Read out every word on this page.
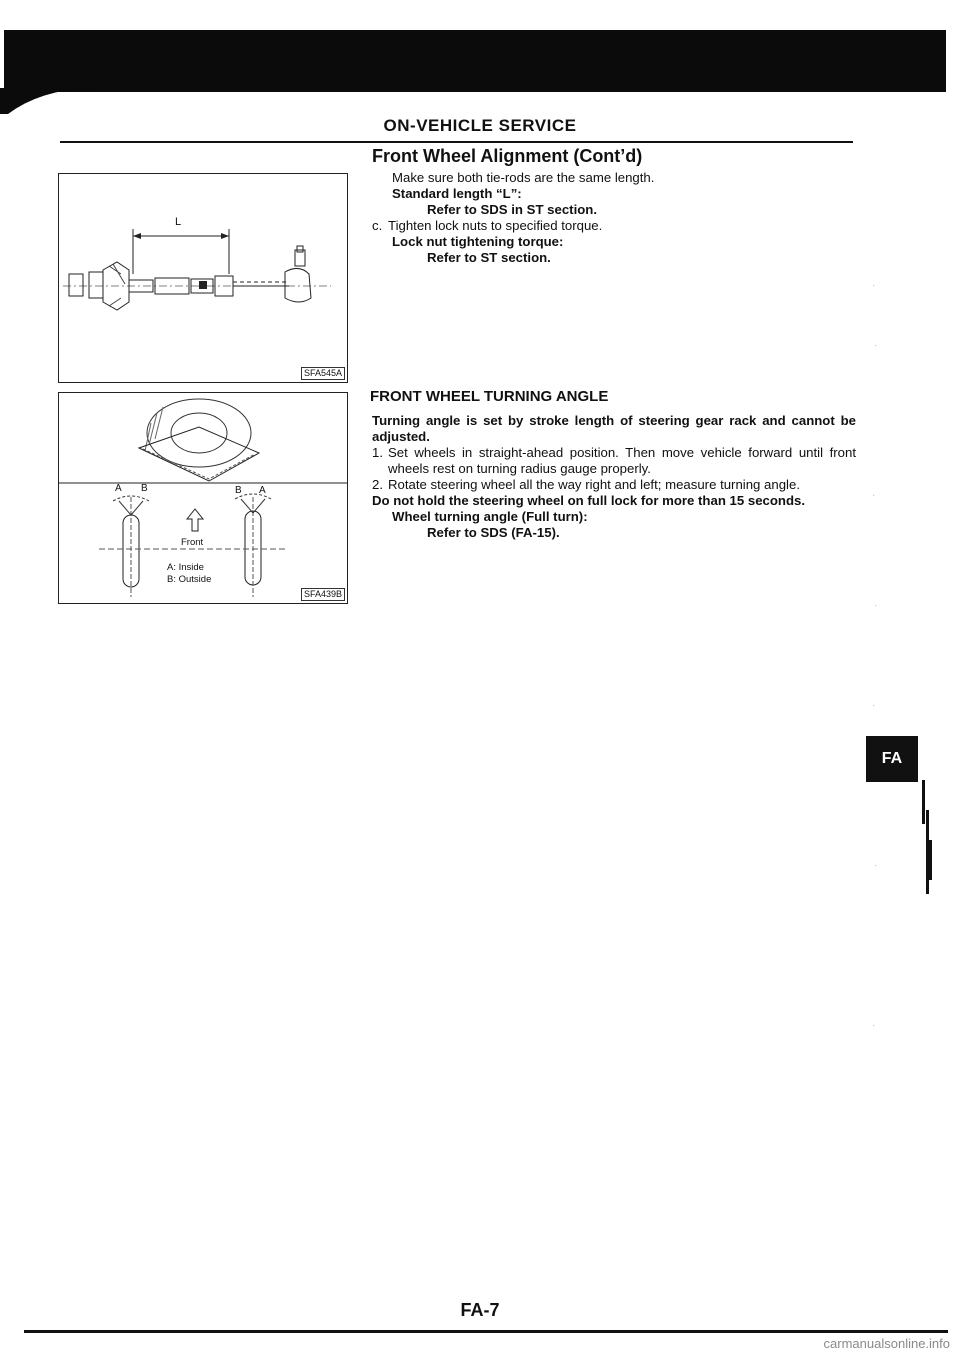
ON-VEHICLE SERVICE
Front Wheel Alignment (Cont’d)
Make sure both tie-rods are the same length.
Standard length “L”:
Refer to SDS in ST section.
c. Tighten lock nuts to specified torque.
Lock nut tightening torque:
Refer to ST section.
L
SFA545A
A B	B A
Front
A: Inside
B: Outside
SFA439B
FRONT WHEEL TURNING ANGLE
Turning angle is set by stroke length of steering gear rack and cannot be adjusted.
1. Set wheels in straight-ahead position. Then move vehicle forward until front wheels rest on turning radius gauge properly.
2. Rotate steering wheel all the way right and left; measure turning angle.
Do not hold the steering wheel on full lock for more than 15 seconds.
Wheel turning angle (Full turn):
Refer to SDS (FA-15).
FA
·
·
·
·
·
·
·
FA-7
carmanualsonline.info
